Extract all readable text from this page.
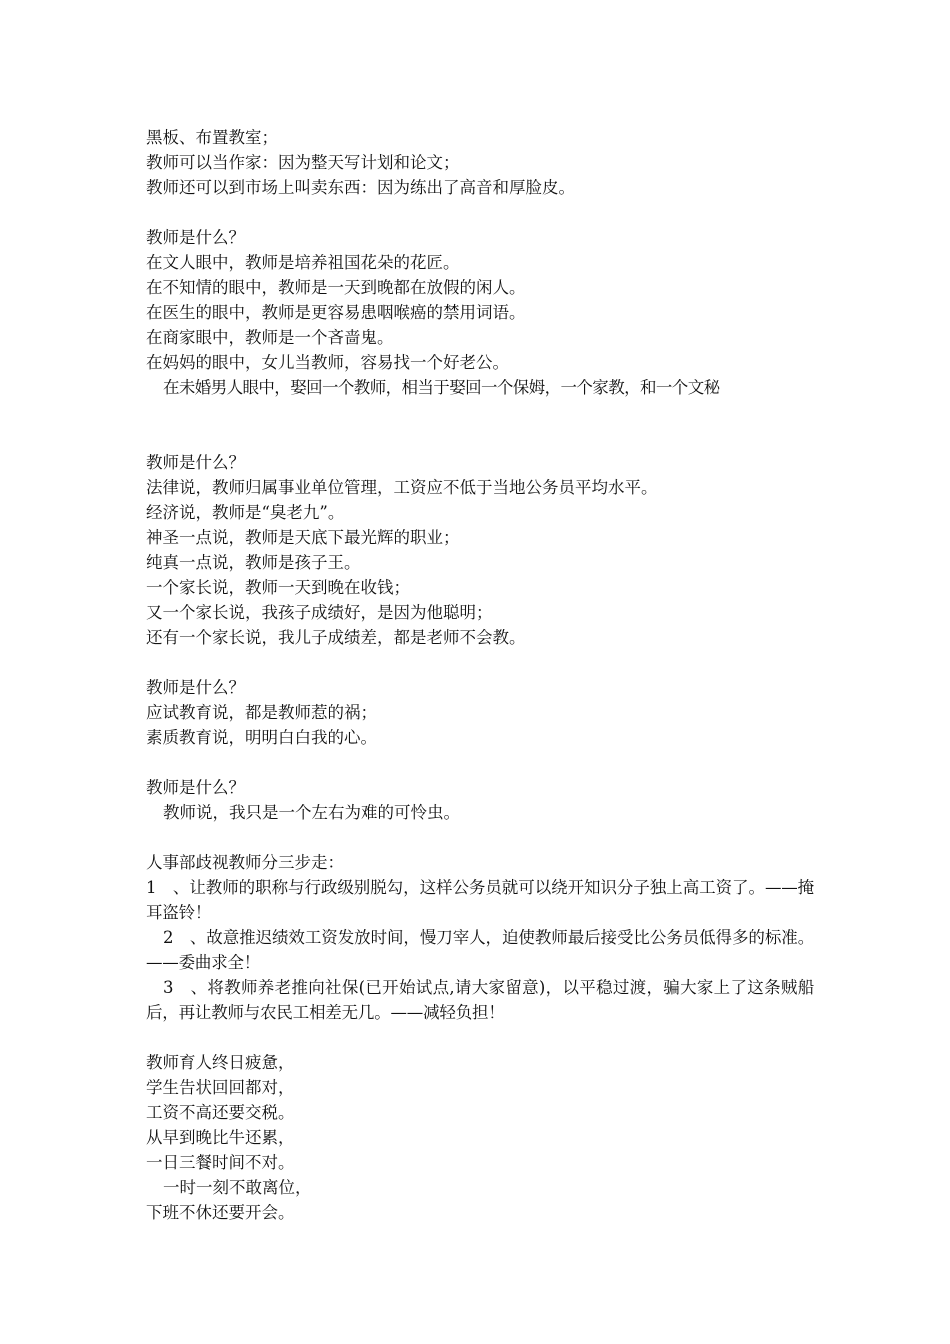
黑板、布置教室；
教师可以当作家：因为整天写计划和论文；
教师还可以到市场上叫卖东西：因为练出了高音和厚脸皮。
教师是什么？
在文人眼中，教师是培养祖国花朵的花匠。
在不知情的眼中，教师是一天到晚都在放假的闲人。
在医生的眼中，教师是更容易患咽喉癌的禁用词语。
在商家眼中，教师是一个吝啬鬼。
在妈妈的眼中，女儿当教师，容易找一个好老公。
在未婚男人眼中，娶回一个教师，相当于娶回一个保姆，一个家教，和一个文秘
教师是什么？
法律说，教师归属事业单位管理，工资应不低于当地公务员平均水平。
经济说，教师是“臭老九”。
神圣一点说，教师是天底下最光辉的职业；
纯真一点说，教师是孩子王。
一个家长说，教师一天到晚在收钱；
又一个家长说，我孩子成绩好，是因为他聪明；
还有一个家长说，我儿子成绩差，都是老师不会教。
教师是什么？
应试教育说，都是教师惹的祸；
素质教育说，明明白白我的心。
教师是什么？
教师说，我只是一个左右为难的可怜虫。
人事部歧视教师分三步走：
1　、让教师的职称与行政级别脱勾，这样公务员就可以绕开知识分子独上高工资了。——掩耳盗铃！
2　、故意推迟绩效工资发放时间，慢刀宰人，迫使教师最后接受比公务员低得多的标准。——委曲求全！
3　、将教师养老推向社保(已开始试点,请大家留意)，以平稳过渡，骗大家上了这条贼船后，再让教师与农民工相差无几。——减轻负担！
教师育人终日疲惫，
学生告状回回都对，
工资不高还要交税。
从早到晚比牛还累，
一日三餐时间不对。
一时一刻不敢离位，
下班不休还要开会。
